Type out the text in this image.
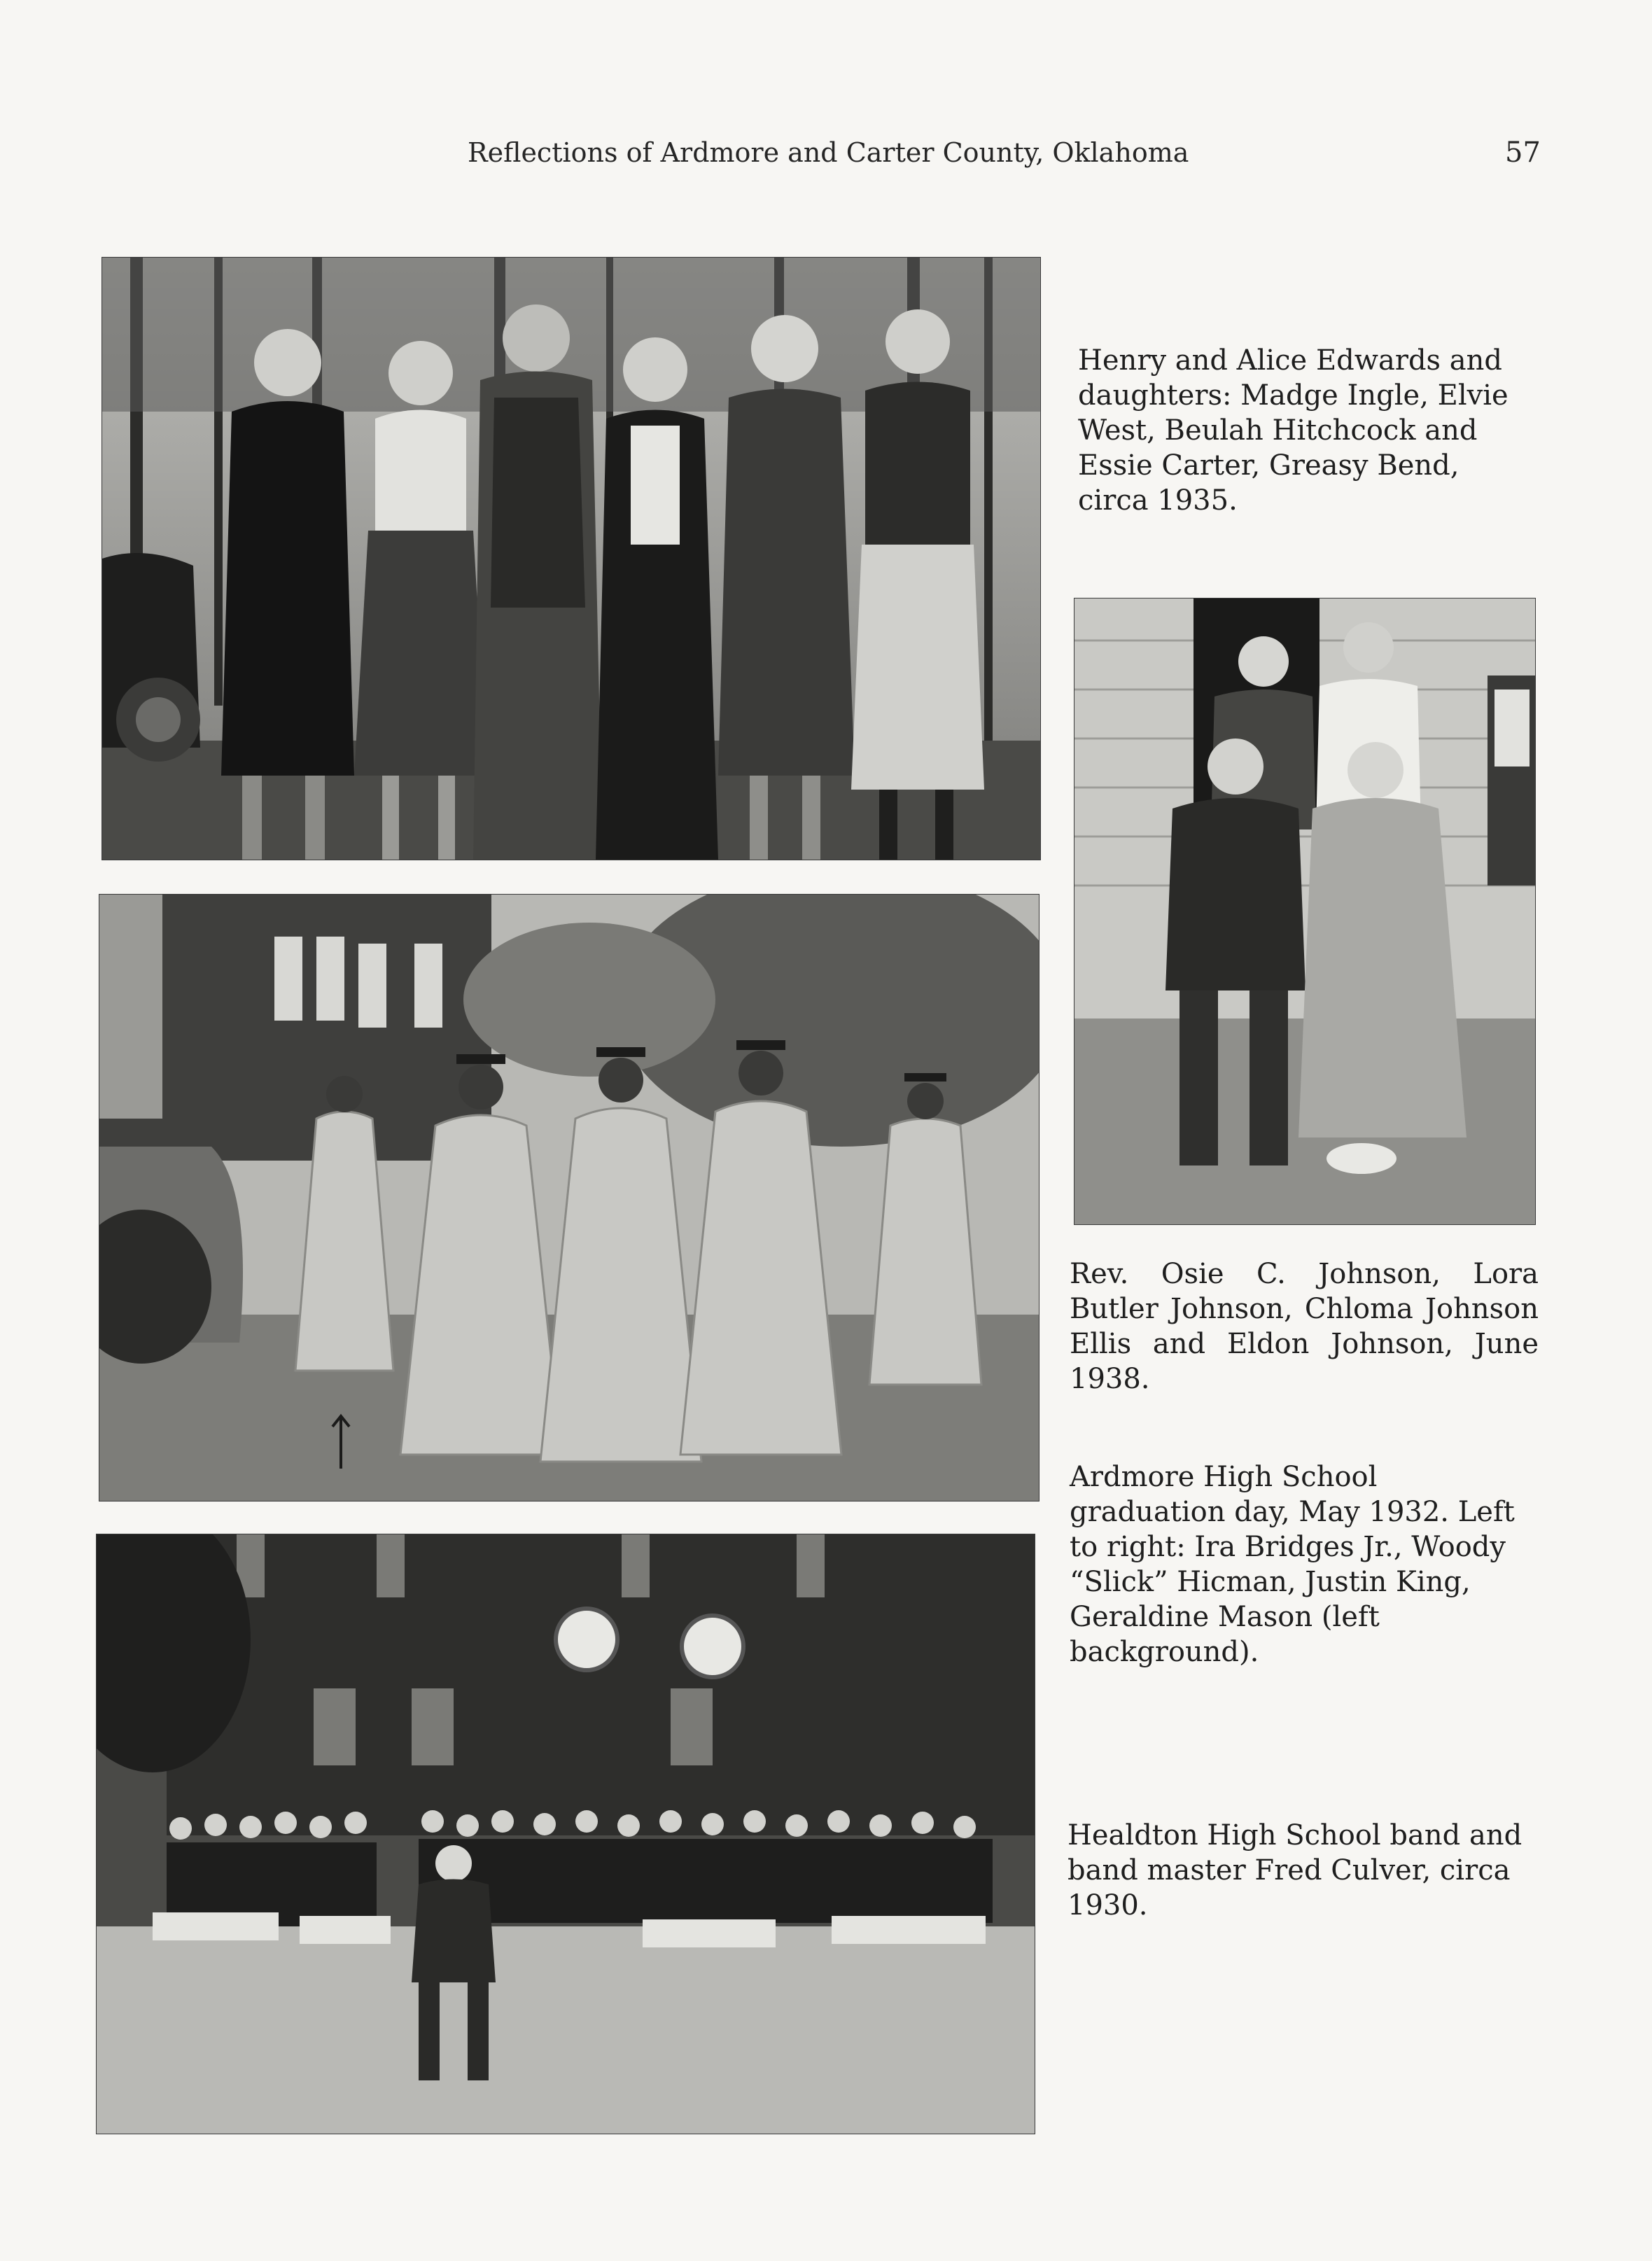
Reflections of Ardmore and Carter County, Oklahoma	57

Henry and Alice Edwards and daughters: Madge Ingle, Elvie West, Beulah Hitchcock and Essie Carter, Greasy Bend, circa 1935.

Rev. Osie C. Johnson, Lora Butler Johnson, Chloma Johnson Ellis and Eldon Johnson, June 1938.

Ardmore High School graduation day, May 1932. Left to right: Ira Bridges Jr., Woody “Slick” Hicman, Justin King, Geraldine Mason (left background).

Healdton High School band and band master Fred Culver, circa 1930.
